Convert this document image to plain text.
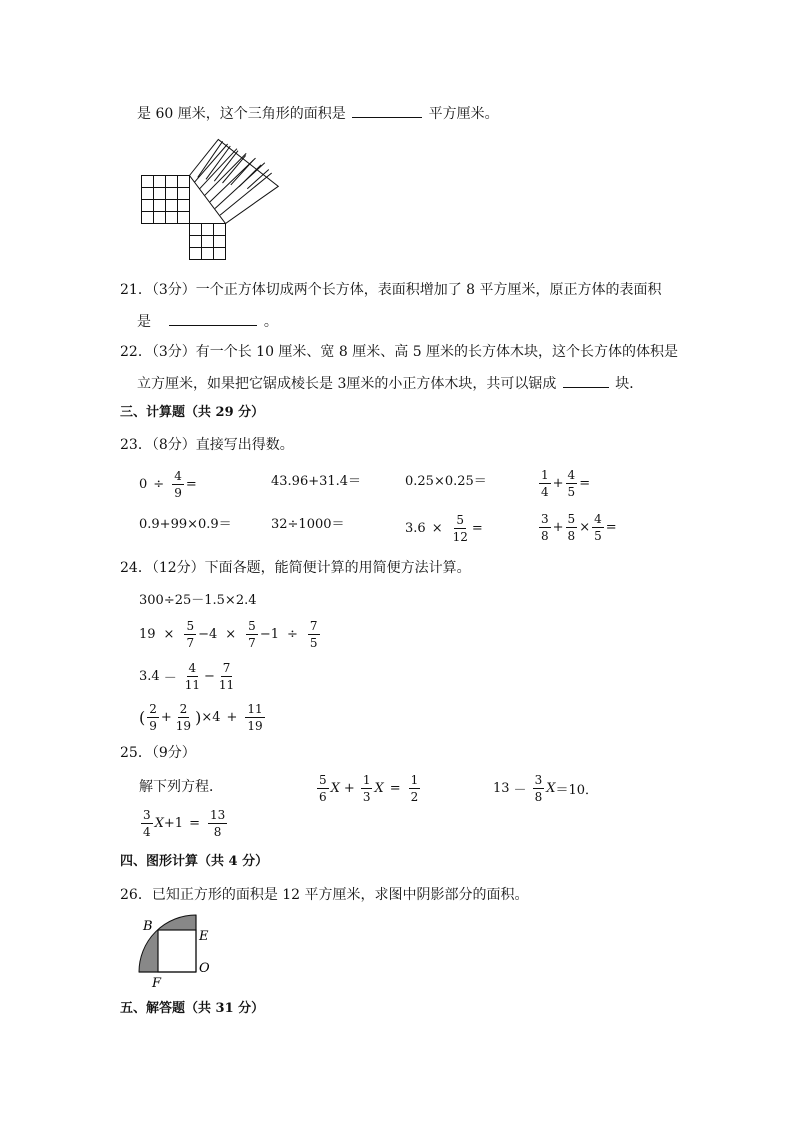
是 60 厘米，这个三角形的面积是	平方厘米。
21．（3分）一个正方体切成两个长方体，表面积增加了 8 平方厘米，原正方体的表面积
是	。
22．（3分）有一个长 10 厘米、宽 8 厘米、高 5 厘米的长方体木块，这个长方体的体积是
立方厘米，如果把它锯成棱长是 3厘米的小正方体木块，共可以锯成	块．
三、计算题（共 29 分）
23．（8分）直接写出得数。
$0 \div \frac{4}{9}$ =	43.96+31.4＝	0.25×0.25＝	$\frac{1}{4} + \frac{4}{5}$ =
0.9+99×0.9＝	32÷1000＝	$3.6 \times \frac{5}{12}$ =	$\frac{3}{8} + \frac{5}{8} \times \frac{4}{5}$ =
24．（12分）下面各题，能简便计算的用简便方法计算。
300÷25－1.5×2.4
$19 \times \frac{5}{7} -4 \times \frac{5}{7} -1 \div \frac{7}{5}$
$3.4 - \frac{4}{11} - \frac{7}{11}$
( $\frac{2}{9} + \frac{2}{19}$ ) $\times 4 + \frac{11}{19}$
25．（9分）
解下列方程．	$\frac{5}{6}$ $X + \frac{1}{3}$ $X = \frac{1}{2}$	$13 - \frac{3}{8}$ X ＝10．
$\frac{3}{4}$ $X +1 = \frac{13}{8}$
四、图形计算（共 4 分）
26．已知正方形的面积是 12 平方厘米，求图中阴影部分的面积。
B
E
O
F
五、解答题（共 31 分）
